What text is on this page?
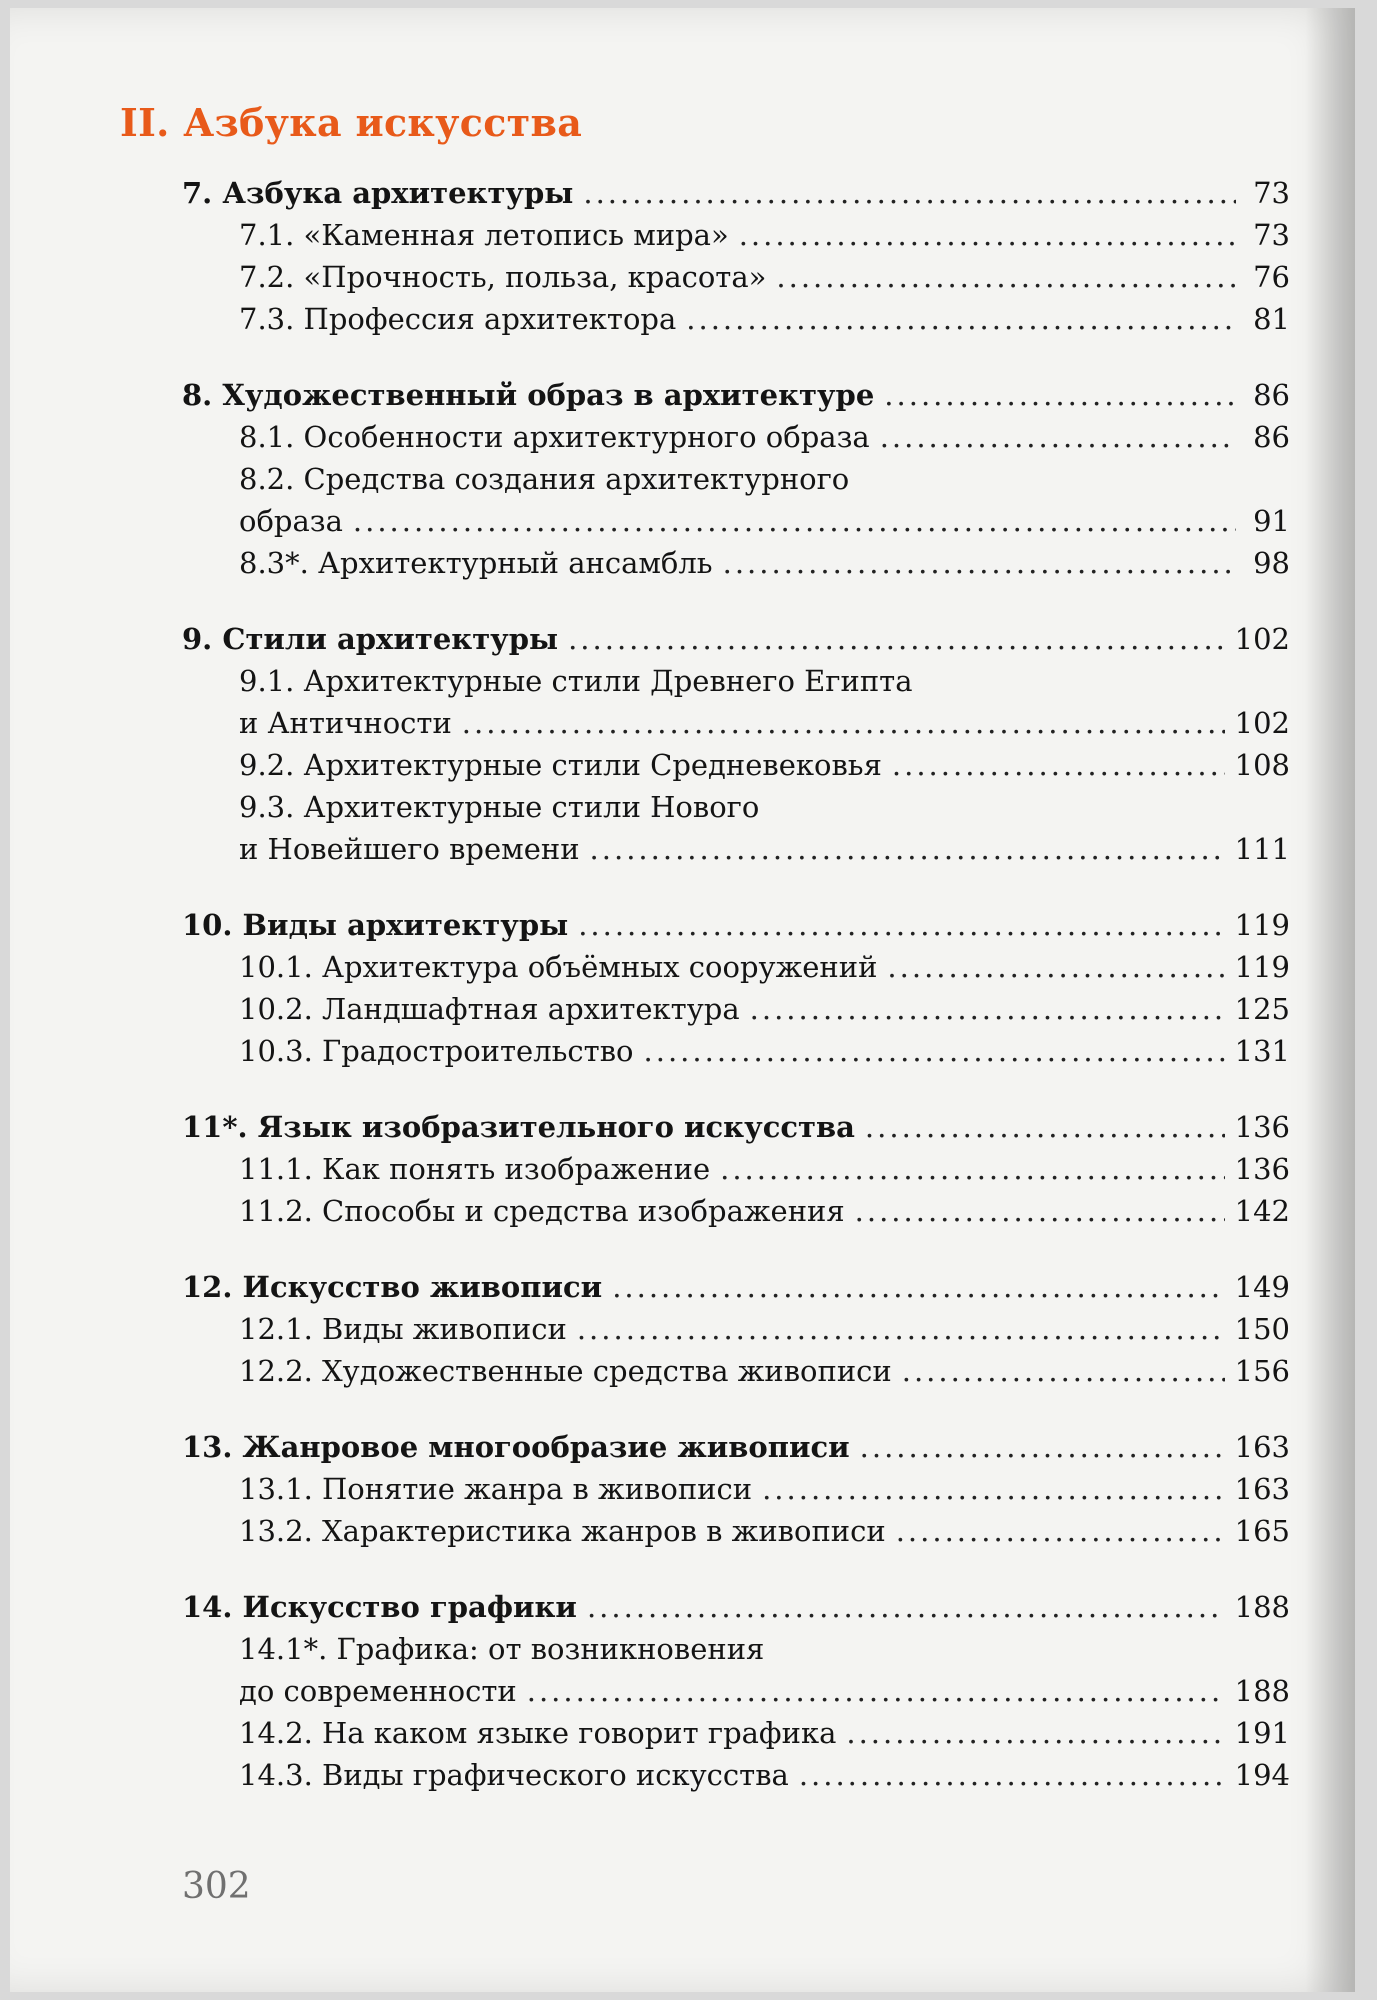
II. Азбука искусства
7. Азбука архитектуры .....	73
7.1. «Каменная летопись мира» .....	73
7.2. «Прочность, польза, красота» .....	76
7.3. Профессия архитектора .....	81
8. Художественный образ в архитектуре .....	86
8.1. Особенности архитектурного образа .....	86
8.2. Средства создания архитектурного
образа .....	91
8.3*. Архитектурный ансамбль .....	98
9. Стили архитектуры .....	102
9.1. Архитектурные стили Древнего Египта
и Античности .....	102
9.2. Архитектурные стили Средневековья .....	108
9.3. Архитектурные стили Нового
и Новейшего времени .....	111
10. Виды архитектуры .....	119
10.1. Архитектура объёмных сооружений .....	119
10.2. Ландшафтная архитектура .....	125
10.3. Градостроительство .....	131
11*. Язык изобразительного искусства .....	136
11.1. Как понять изображение .....	136
11.2. Способы и средства изображения .....	142
12. Искусство живописи .....	149
12.1. Виды живописи .....	150
12.2. Художественные средства живописи .....	156
13. Жанровое многообразие живописи .....	163
13.1. Понятие жанра в живописи .....	163
13.2. Характеристика жанров в живописи .....	165
14. Искусство графики .....	188
14.1*. Графика: от возникновения
до современности .....	188
14.2. На каком языке говорит графика .....	191
14.3. Виды графического искусства .....	194

302
